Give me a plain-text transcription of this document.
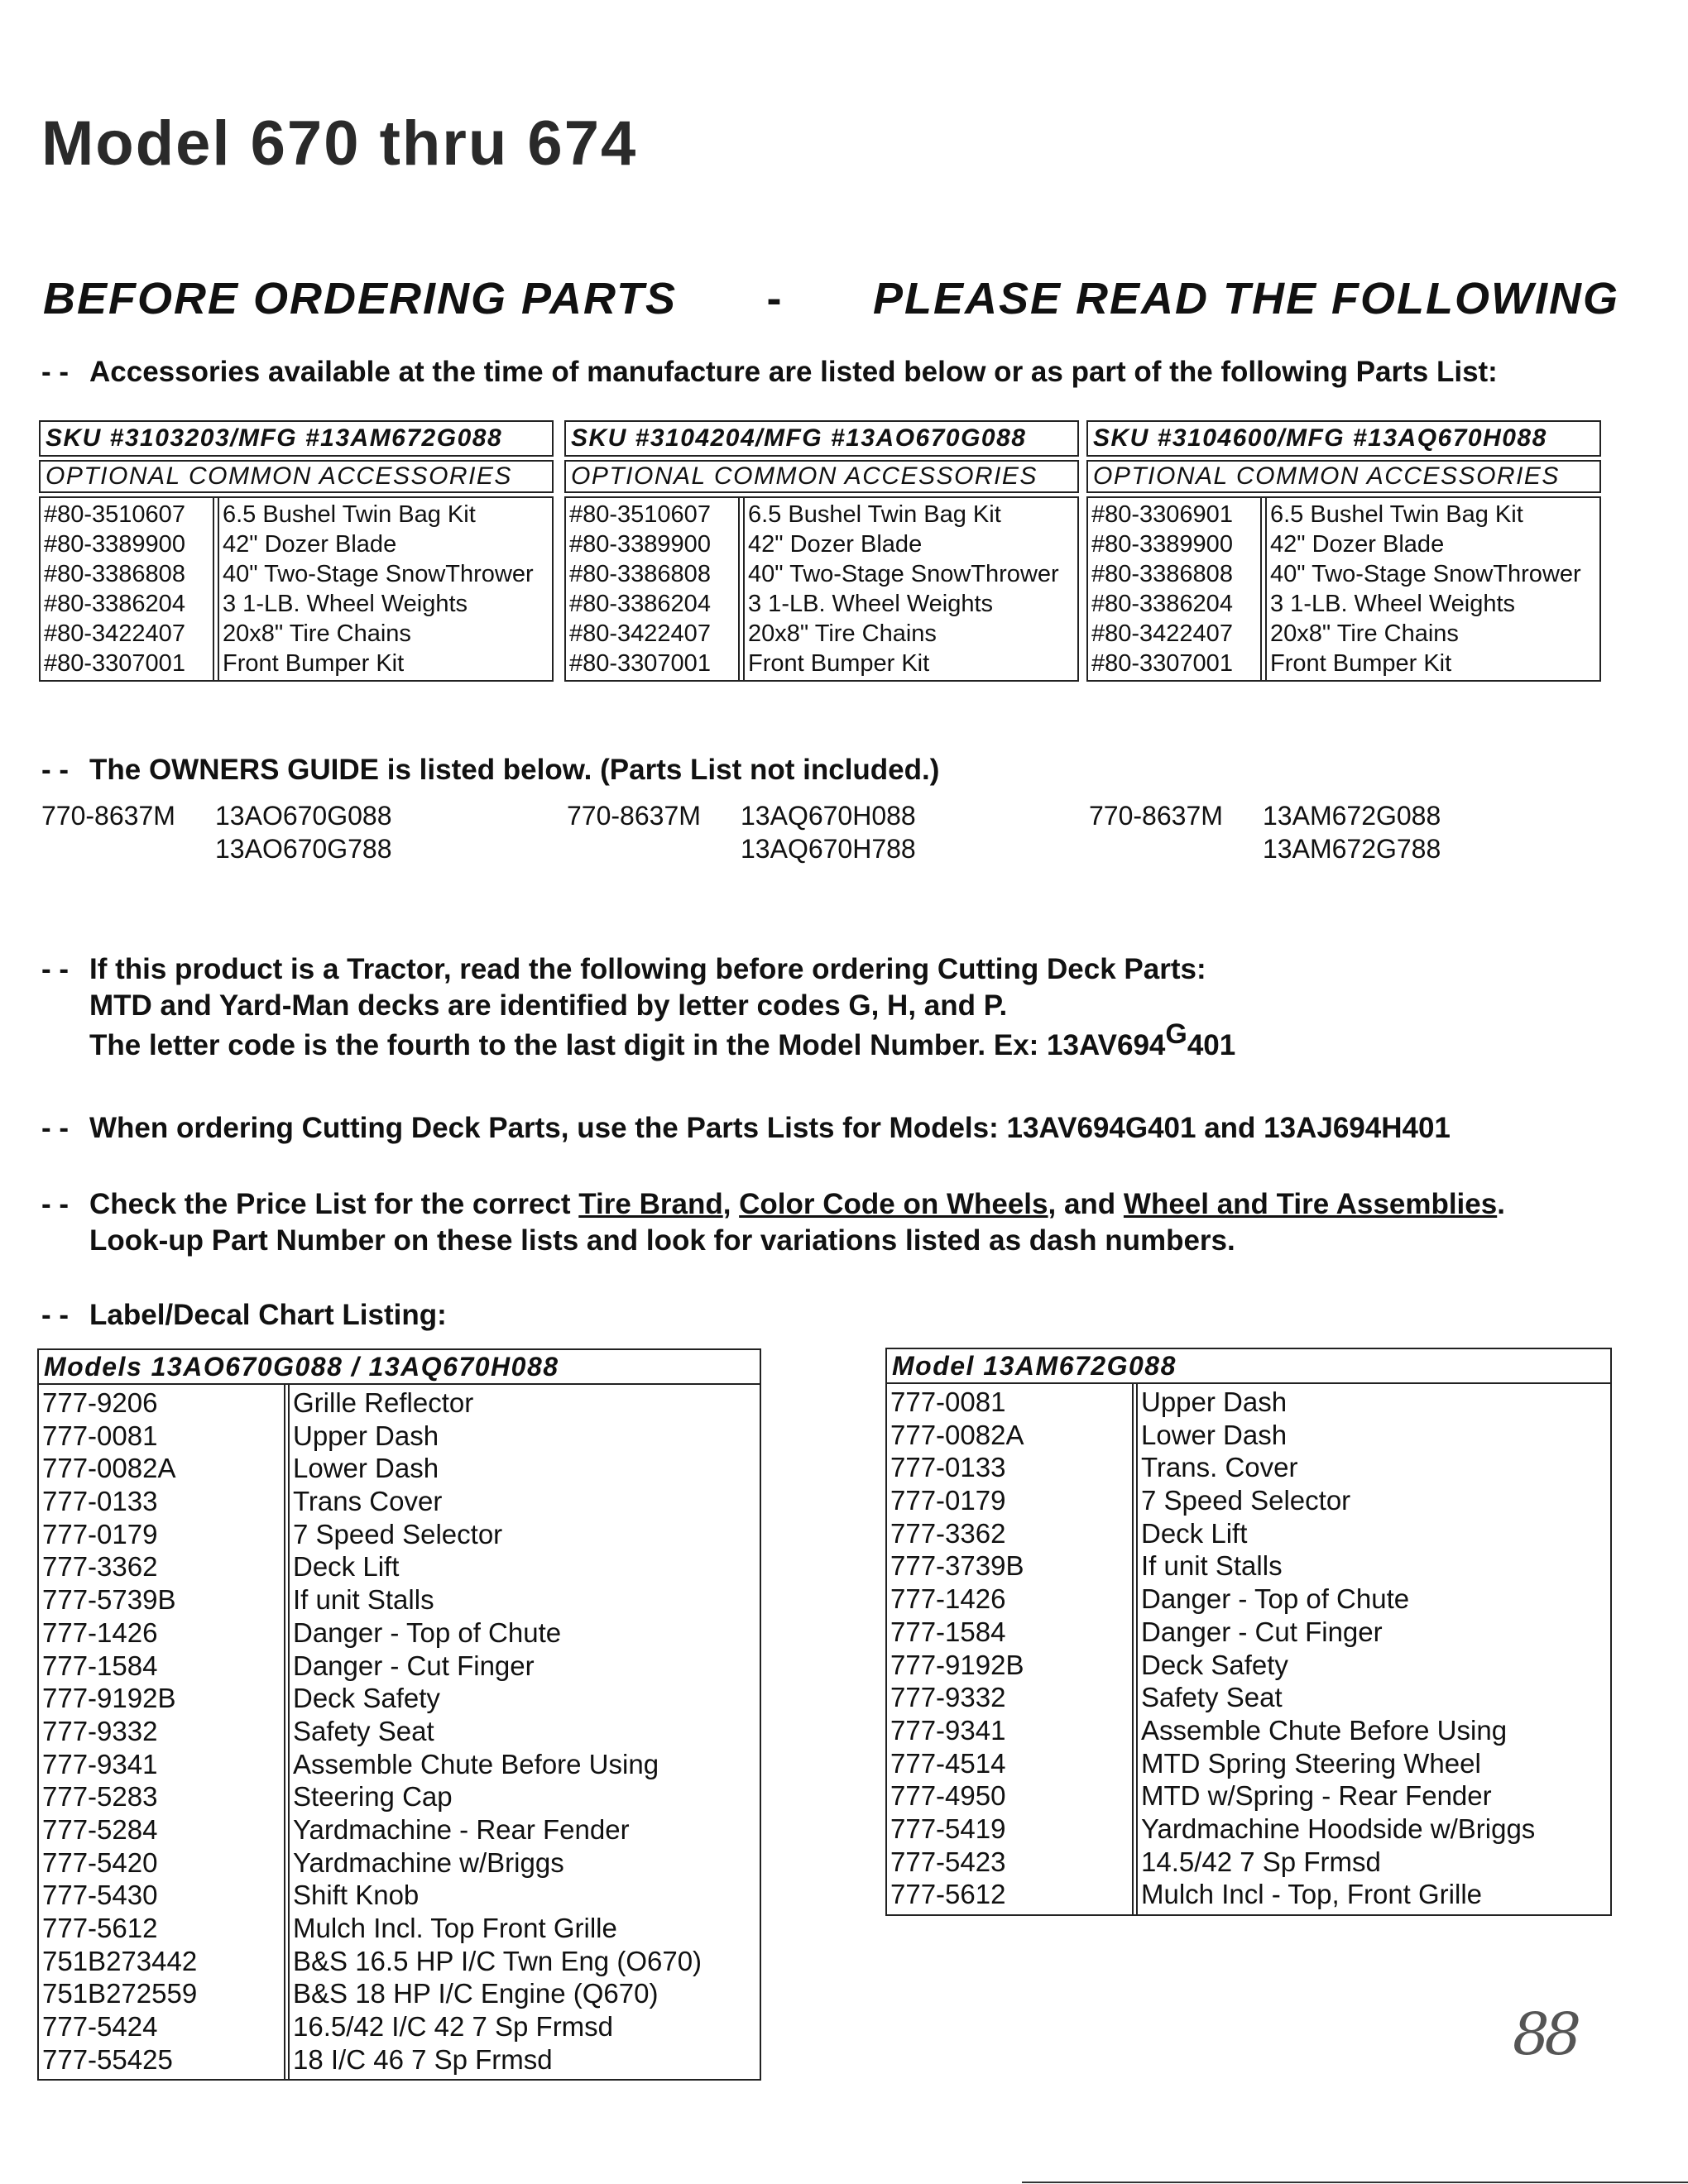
Model 670 thru 674
BEFORE ORDERING PARTS - PLEASE READ THE FOLLOWING
- - Accessories available at the time of manufacture are listed below or as part of the following Parts List:
SKU #3103203/MFG #13AM672G088
OPTIONAL COMMON ACCESSORIES
#80-3510607
#80-3389900
#80-3386808
#80-3386204
#80-3422407
#80-3307001
6.5 Bushel Twin Bag Kit
42" Dozer Blade
40" Two-Stage SnowThrower
3 1-LB. Wheel Weights
20x8" Tire Chains
Front Bumper Kit
SKU #3104204/MFG #13AO670G088
OPTIONAL COMMON ACCESSORIES
#80-3510607
#80-3389900
#80-3386808
#80-3386204
#80-3422407
#80-3307001
6.5 Bushel Twin Bag Kit
42" Dozer Blade
40" Two-Stage SnowThrower
3 1-LB. Wheel Weights
20x8" Tire Chains
Front Bumper Kit
SKU #3104600/MFG #13AQ670H088
OPTIONAL COMMON ACCESSORIES
#80-3306901
#80-3389900
#80-3386808
#80-3386204
#80-3422407
#80-3307001
6.5 Bushel Twin Bag Kit
42" Dozer Blade
40" Two-Stage SnowThrower
3 1-LB. Wheel Weights
20x8" Tire Chains
Front Bumper Kit
- - The OWNERS GUIDE is listed below. (Parts List not included.)
770-8637M 13AO670G088
13AO670G788
770-8637M 13AQ670H088
13AQ670H788
770-8637M 13AM672G088
13AM672G788
- - If this product is a Tractor, read the following before ordering Cutting Deck Parts:
MTD and Yard-Man decks are identified by letter codes G, H, and P.
The letter code is the fourth to the last digit in the Model Number. Ex: 13AV694G401
- - When ordering Cutting Deck Parts, use the Parts Lists for Models: 13AV694G401 and 13AJ694H401
- - Check the Price List for the correct Tire Brand, Color Code on Wheels, and Wheel and Tire Assemblies.
Look-up Part Number on these lists and look for variations listed as dash numbers.
- - Label/Decal Chart Listing:
Models 13AO670G088 / 13AQ670H088
777-9206
777-0081
777-0082A
777-0133
777-0179
777-3362
777-5739B
777-1426
777-1584
777-9192B
777-9332
777-9341
777-5283
777-5284
777-5420
777-5430
777-5612
751B273442
751B272559
777-5424
777-55425
Grille Reflector
Upper Dash
Lower Dash
Trans Cover
7 Speed Selector
Deck Lift
If unit Stalls
Danger - Top of Chute
Danger - Cut Finger
Deck Safety
Safety Seat
Assemble Chute Before Using
Steering Cap
Yardmachine - Rear Fender
Yardmachine w/Briggs
Shift Knob
Mulch Incl. Top Front Grille
B&S 16.5 HP I/C Twn Eng (O670)
B&S 18 HP I/C Engine (Q670)
16.5/42 I/C 42 7 Sp Frmsd
18 I/C 46 7 Sp Frmsd
Model 13AM672G088
777-0081
777-0082A
777-0133
777-0179
777-3362
777-3739B
777-1426
777-1584
777-9192B
777-9332
777-9341
777-4514
777-4950
777-5419
777-5423
777-5612
Upper Dash
Lower Dash
Trans. Cover
7 Speed Selector
Deck Lift
If unit Stalls
Danger - Top of Chute
Danger - Cut Finger
Deck Safety
Safety Seat
Assemble Chute Before Using
MTD Spring Steering Wheel
MTD w/Spring - Rear Fender
Yardmachine Hoodside w/Briggs
14.5/42 7 Sp Frmsd
Mulch Incl - Top, Front Grille
88
